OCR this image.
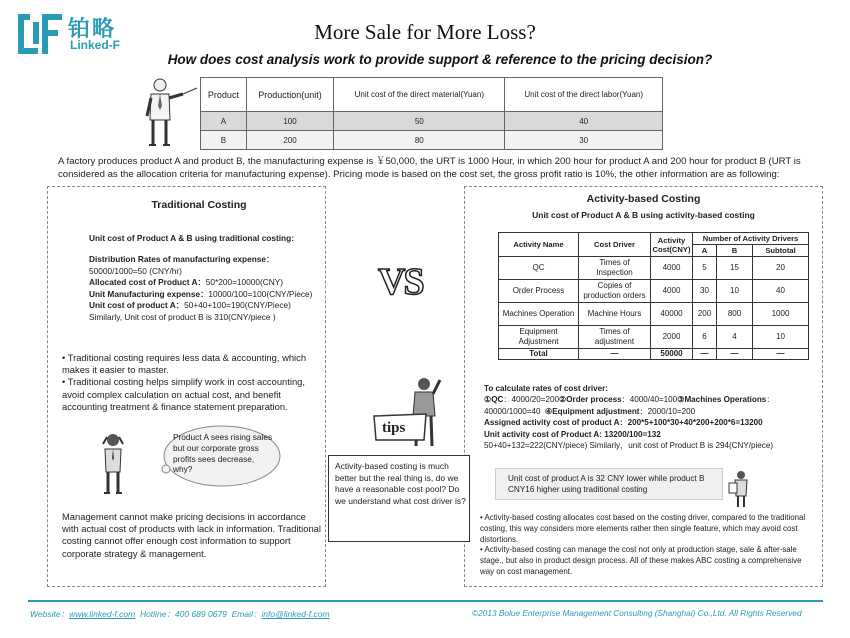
铂略
Linked-F
More Sale for More Loss?
How does cost analysis work to provide support & reference to the pricing decision?
Product	Production(unit)	Unit cost of the direct material(Yuan)	Unit cost of the direct labor(Yuan)
A	100	50	40
B	200	80	30
A factory produces product A and product B, the manufacturing expense is ￥50,000, the URT is 1000 Hour, in which 200 hour for product A and 200 hour for product B (URT is considered as the allocation criteria for manufacturing expense). Pricing mode is based on the cost set, the gross profit ratio is 10%, the other information are as following:
Traditional Costing
Unit cost of Product A & B using traditional costing:
Distribution Rates of manufacturing expense：
50000/1000=50 (CNY/hr)
Allocated cost of Product A：50*200=10000(CNY)
Unit Manufacturing expense：10000/100=100(CNY/Piece)
Unit cost of product A：50+40+100=190(CNY/Piece)
Similarly, Unit cost of product B is 310(CNY/piece )
VS
• Traditional costing requires less data & accounting, which makes it easier to master.
• Traditional costing helps simplify work in cost accounting, avoid complex calculation on actual cost, and benefit accounting treatment & finance statement preparation.
Product A sees rising sales but our corporate gross profits sees decrease, why?
Management cannot make pricing decisions in accordance with actual cost of products with lack in information. Traditional costing cannot offer enough cost information to support corporate strategy & management.
tips
Activity-based costing is much better but the real thing is, do we have a reasonable cost pool? Do we understand what cost driver is?
Activity-based Costing
Unit cost of Product A & B using activity-based costing
Activity Name	Cost Driver	Activity Cost(CNY)	Number of Activity Drivers		
			A	B	Subtotal
QC	Times of Inspection	4000	5	15	20
Order Process	Copies of production orders	4000	30	10	40
Machines Operation	Machine Hours	40000	200	800	1000
Equipment Adjustment	Times of adjustment	2000	6	4	10
Total	—	50000	—	—	—
To calculate rates of cost driver:
①QC：4000/20=200②Order process：4000/40=100③Machines Operations：
40000/1000=40 ④Equipment adjustment：2000/10=200
Assigned activity cost of product A：200*5+100*30+40*200+200*6=13200
Unit activity cost of Product A: 13200/100=132
50+40+132=222(CNY/piece) Similarly，unit cost of Product B is 294(CNY/piece)
Unit cost of product A is 32 CNY lower while product B CNY16 higher using traditional costing
• Activity-based costing allocates cost based on the costing driver, compared to the traditional costing, this way considers more elements rather then single feature, which may avoid cost distortions.
• Activity-based costing can manage the cost not only at production stage, sale & after-sale stage., but also in product design process. All of these makes ABC costing a comprehensive way on cost management.
Website：www.linked-f.com Hotline：400 689 0679 Email：info@linked-f.com	©2013 Bolue Enterprise Management Consulting (Shanghai) Co.,Ltd. All Rights Reserved
